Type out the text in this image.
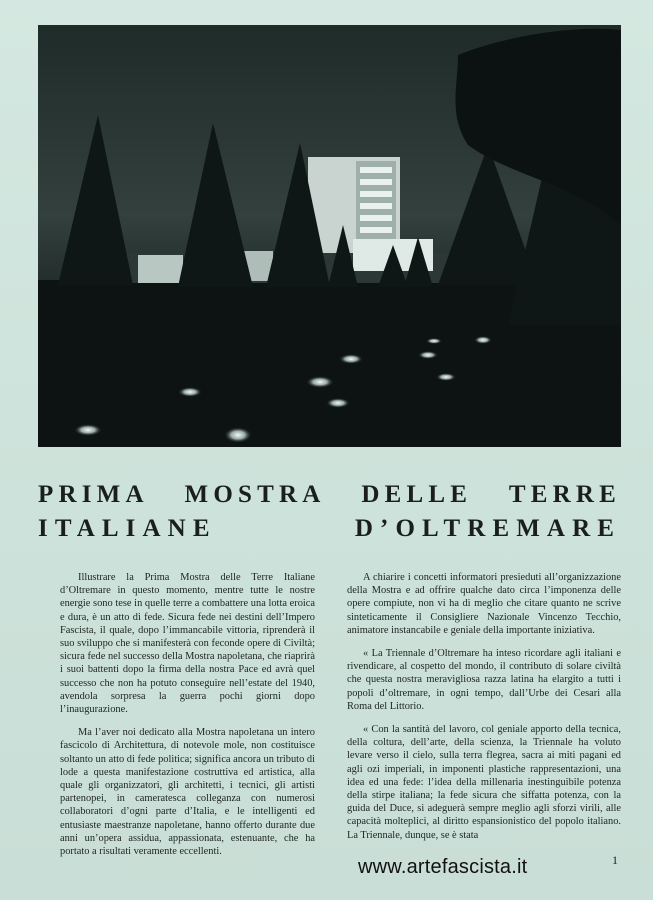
PRIMA MOSTRA DELLE TERRE
ITALIANE D’OLTREMARE

Illustrare la Prima Mostra delle Terre Italiane d’Oltremare in questo momento, mentre tutte le nostre energie sono tese in quelle terre a combattere una lotta eroica e dura, è un atto di fede. Sicura fede nei destini dell’Impero Fascista, il quale, dopo l’immancabile vittoria, riprenderà il suo sviluppo che si manifesterà con feconde opere di Civiltà; sicura fede nel successo della Mostra napoletana, che riaprirà i suoi battenti dopo la firma della nostra Pace ed avrà quel successo che non ha potuto conseguire nell’estate del 1940, avendola sorpresa la guerra pochi giorni dopo l’inaugurazione.

Ma l’aver noi dedicato alla Mostra napoletana un intero fascicolo di Architettura, di notevole mole, non costituisce soltanto un atto di fede politica; significa ancora un tributo di lode a questa manifestazione costruttiva ed artistica, alla quale gli organizzatori, gli architetti, i tecnici, gli artisti partenopei, in cameratesca colleganza con numerosi collaboratori d’ogni parte d’Italia, e le intelligenti ed entusiaste maestranze napoletane, hanno offerto durante due anni un’opera assidua, appassionata, estenuante, che ha portato a risultati veramente eccellenti.

A chiarire i concetti informatori presieduti all’organizzazione della Mostra e ad offrire qualche dato circa l’imponenza delle opere compiute, non vi ha di meglio che citare quanto ne scrive sinteticamente il Consigliere Nazionale Vincenzo Tecchio, animatore instancabile e geniale della importante iniziativa.

« La Triennale d’Oltremare ha inteso ricordare agli italiani e rivendicare, al cospetto del mondo, il contributo di solare civiltà che questa nostra meravigliosa razza latina ha elargito a tutti i popoli d’oltremare, in ogni tempo, dall’Urbe dei Cesari alla Roma del Littorio.

« Con la santità del lavoro, col geniale apporto della tecnica, della coltura, dell’arte, della scienza, la Triennale ha voluto levare verso il cielo, sulla terra flegrea, sacra ai miti pagani ed agli ozi imperiali, in imponenti plastiche rappresentazioni, una idea ed una fede: l’idea della millenaria inestinguibile potenza della stirpe italiana; la fede sicura che siffatta potenza, con la guida del Duce, si adeguerà sempre meglio agli sforzi virili, alle capacità molteplici, al diritto espansionistico del popolo italiano. La Triennale, dunque, se è stata

www.artefascista.it	1
